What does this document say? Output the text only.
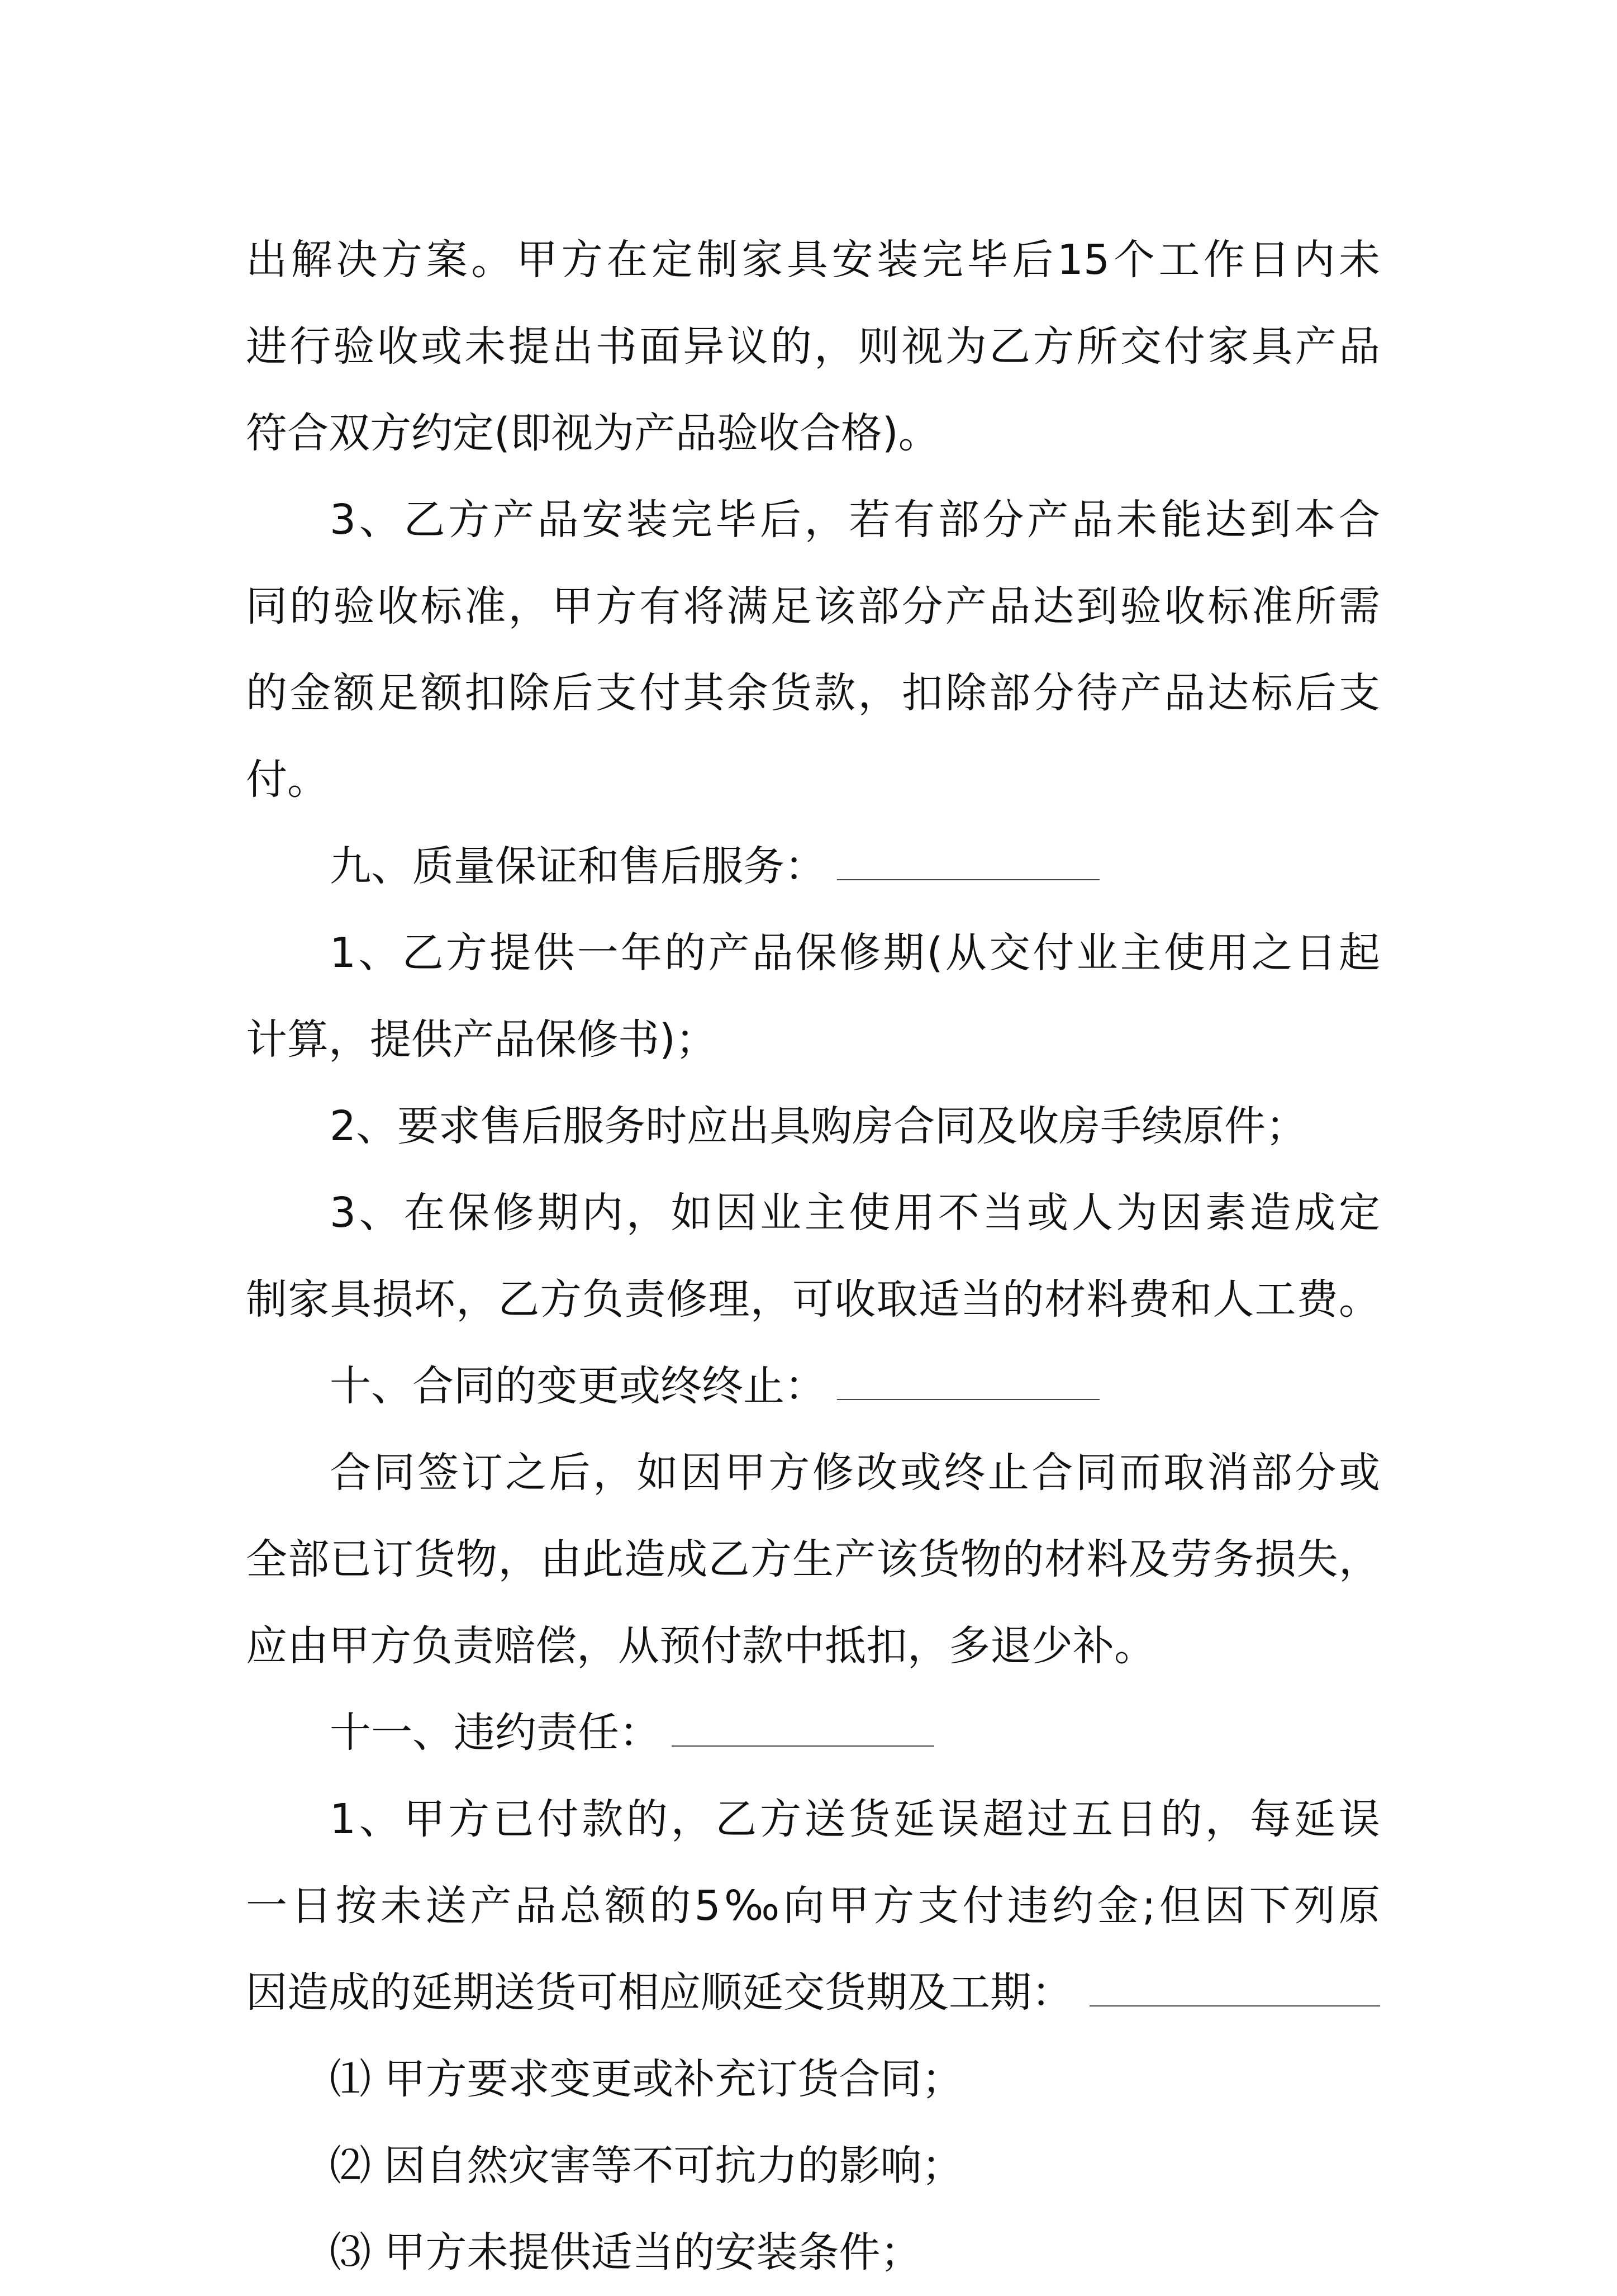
出解决方案。甲方在定制家具安装完毕后15个工作日内未
进行验收或未提出书面异议的，则视为乙方所交付家具产品
符合双方约定(即视为产品验收合格)。
3、乙方产品安装完毕后，若有部分产品未能达到本合
同的验收标准，甲方有将满足该部分产品达到验收标准所需
的金额足额扣除后支付其余货款，扣除部分待产品达标后支
付。
九、质量保证和售后服务：
1、乙方提供一年的产品保修期(从交付业主使用之日起
计算，提供产品保修书)；
2、要求售后服务时应出具购房合同及收房手续原件；
3、在保修期内，如因业主使用不当或人为因素造成定
制家具损坏，乙方负责修理，可收取适当的材料费和人工费。
十、合同的变更或终终止：
合同签订之后，如因甲方修改或终止合同而取消部分或
全部已订货物，由此造成乙方生产该货物的材料及劳务损失，
应由甲方负责赔偿，从预付款中抵扣，多退少补。
十一、违约责任：
1、甲方已付款的，乙方送货延误超过五日的，每延误
一日按未送产品总额的5‰向甲方支付违约金;但因下列原
因造成的延期送货可相应顺延交货期及工期：
⑴ 甲方要求变更或补充订货合同；
⑵ 因自然灾害等不可抗力的影响；
⑶ 甲方未提供适当的安装条件；
